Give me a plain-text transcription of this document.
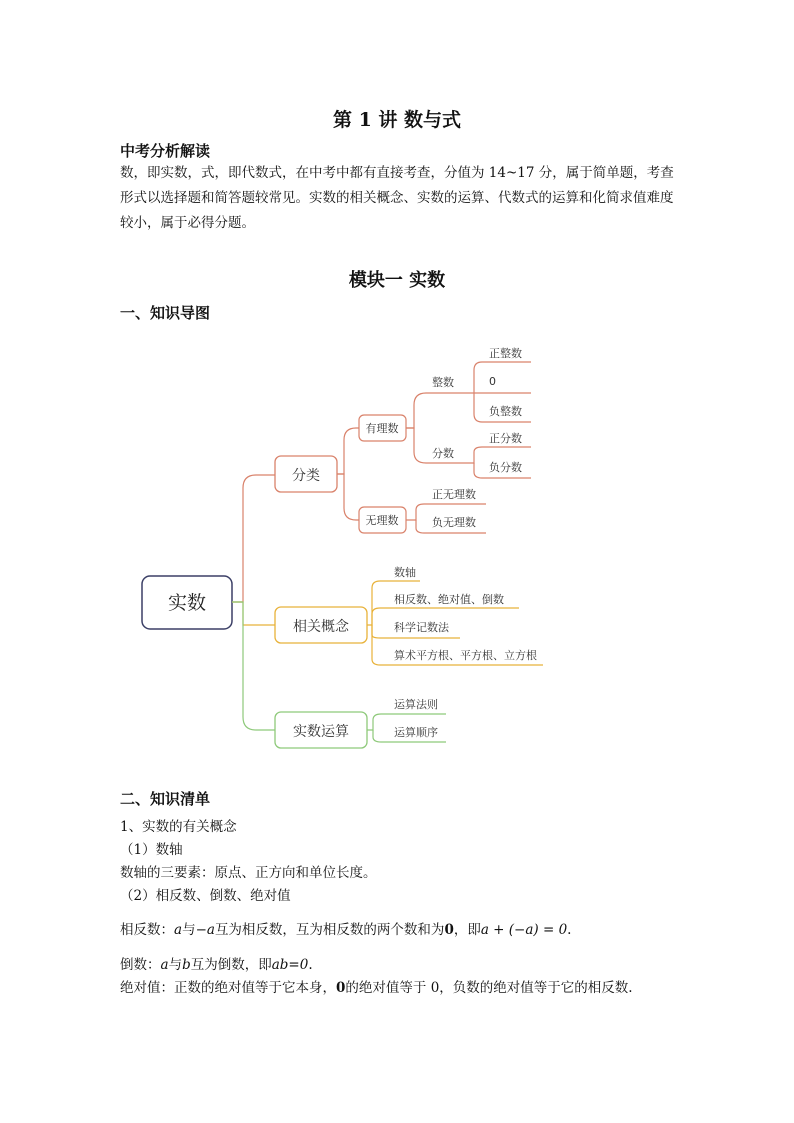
第 1 讲 数与式
中考分析解读
数，即实数，式，即代数式，在中考中都有直接考查，分值为 14~17 分，属于简单题，考查形式以选择题和简答题较常见。实数的相关概念、实数的运算、代数式的运算和化简求值难度较小，属于必得分题。
模块一 实数
一、知识导图
实数
分类
有理数
整数
分数
正整数
0
负整数
正分数
负分数
无理数
正无理数
负无理数
相关概念
数轴
相反数、绝对值、倒数
科学记数法
算术平方根、平方根、立方根
实数运算
运算法则
运算顺序
二、知识清单
1、实数的有关概念
（1）数轴
数轴的三要素：原点、正方向和单位长度。
（2）相反数、倒数、绝对值
相反数：a与−a互为相反数，互为相反数的两个数和为0，即a + (−a) = 0.
倒数：a与b互为倒数，即ab=0.
绝对值：正数的绝对值等于它本身，0的绝对值等于 0，负数的绝对值等于它的相反数.
